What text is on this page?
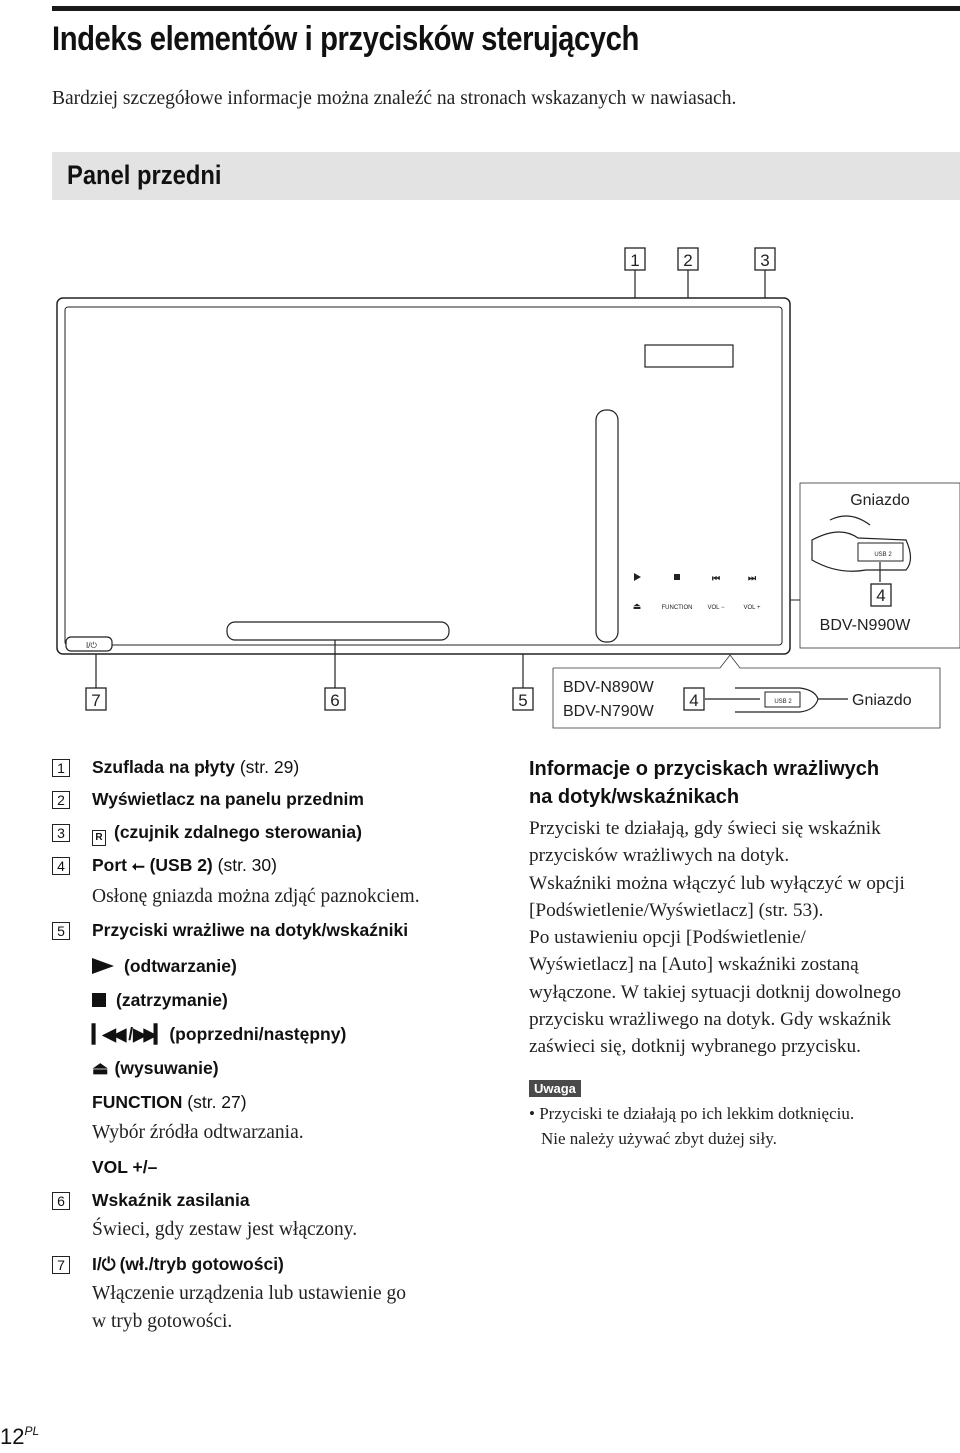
Indeks elementów i przycisków sterujących
Bardziej szczegółowe informacje można znaleźć na stronach wskazanych w nawiasach.
Panel przedni
1	2	3
I/⏻
⏮	⏭
⏏	FUNCTION	VOL −	VOL +
Gniazdo
USB 2
4
BDV-N990W
7	6	5
BDV-N890W
BDV-N790W
4	USB 2	Gniazdo
1 Szuflada na płyty (str. 29)
2 Wyświetlacz na panelu przednim
3	R (czujnik zdalnego sterowania)
4 Port ⭠ (USB 2) (str. 30)
Osłonę gniazda można zdjąć paznokciem.
5 Przyciski wrażliwe na dotyk/wskaźniki
(odtwarzanie)
(zatrzymanie)
▎◀◀ /▶▶▎ (poprzedni/następny)
⏏ (wysuwanie)
FUNCTION (str. 27)
Wybór źródła odtwarzania.
VOL +/–
6 Wskaźnik zasilania
Świeci, gdy zestaw jest włączony.
7 I/⏻ (wł./tryb gotowości)
Włączenie urządzenia lub ustawienie go
w tryb gotowości.
Informacje o przyciskach wrażliwych
na dotyk/wskaźnikach
Przyciski te działają, gdy świeci się wskaźnik
przycisków wrażliwych na dotyk.
Wskaźniki można włączyć lub wyłączyć w opcji
[Podświetlenie/Wyświetlacz] (str. 53).
Po ustawieniu opcji [Podświetlenie/
Wyświetlacz] na [Auto] wskaźniki zostaną
wyłączone. W takiej sytuacji dotknij dowolnego
przycisku wrażliwego na dotyk. Gdy wskaźnik
zaświeci się, dotknij wybranego przycisku.
Uwaga
• Przyciski te działają po ich lekkim dotknięciu.
Nie należy używać zbyt dużej siły.
$12^{PL}$
